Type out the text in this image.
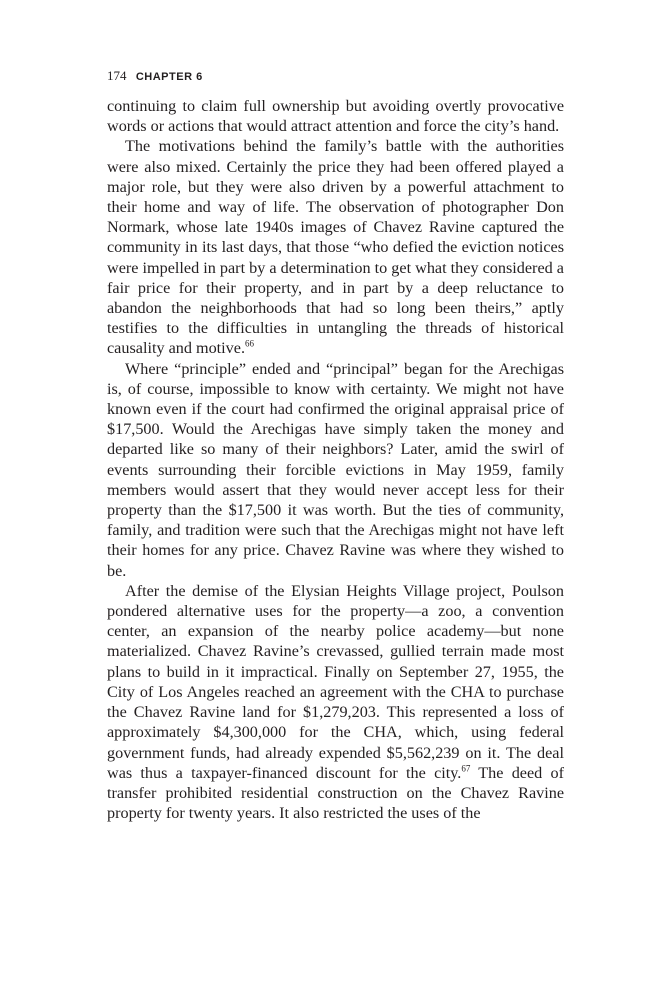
174 CHAPTER 6

continuing to claim full ownership but avoiding overtly provocative words or actions that would attract attention and force the city’s hand.

The motivations behind the family’s battle with the authorities were also mixed. Certainly the price they had been offered played a major role, but they were also driven by a powerful attachment to their home and way of life. The observation of photographer Don Normark, whose late 1940s images of Chavez Ravine captured the community in its last days, that those “who defied the eviction notices were impelled in part by a determination to get what they considered a fair price for their property, and in part by a deep reluctance to abandon the neighborhoods that had so long been theirs,” aptly testifies to the difficulties in untangling the threads of historical causality and motive.$^{66}$

Where “principle” ended and “principal” began for the Arechigas is, of course, impossible to know with certainty. We might not have known even if the court had confirmed the original appraisal price of $17,500. Would the Arechigas have simply taken the money and departed like so many of their neighbors? Later, amid the swirl of events surrounding their forcible evictions in May 1959, family members would assert that they would never accept less for their property than the $17,500 it was worth. But the ties of community, family, and tradition were such that the Arechigas might not have left their homes for any price. Chavez Ravine was where they wished to be.

After the demise of the Elysian Heights Village project, Poulson pondered alternative uses for the property—a zoo, a convention center, an expansion of the nearby police academy—but none materialized. Chavez Ravine’s crevassed, gullied terrain made most plans to build in it impractical. Finally on September 27, 1955, the City of Los Angeles reached an agreement with the CHA to purchase the Chavez Ravine land for $1,279,203. This represented a loss of approximately $4,300,000 for the CHA, which, using federal government funds, had already expended $5,562,239 on it. The deal was thus a taxpayer-financed discount for the city.$^{67}$ The deed of transfer prohibited residential construction on the Chavez Ravine property for twenty years. It also restricted the uses of the
